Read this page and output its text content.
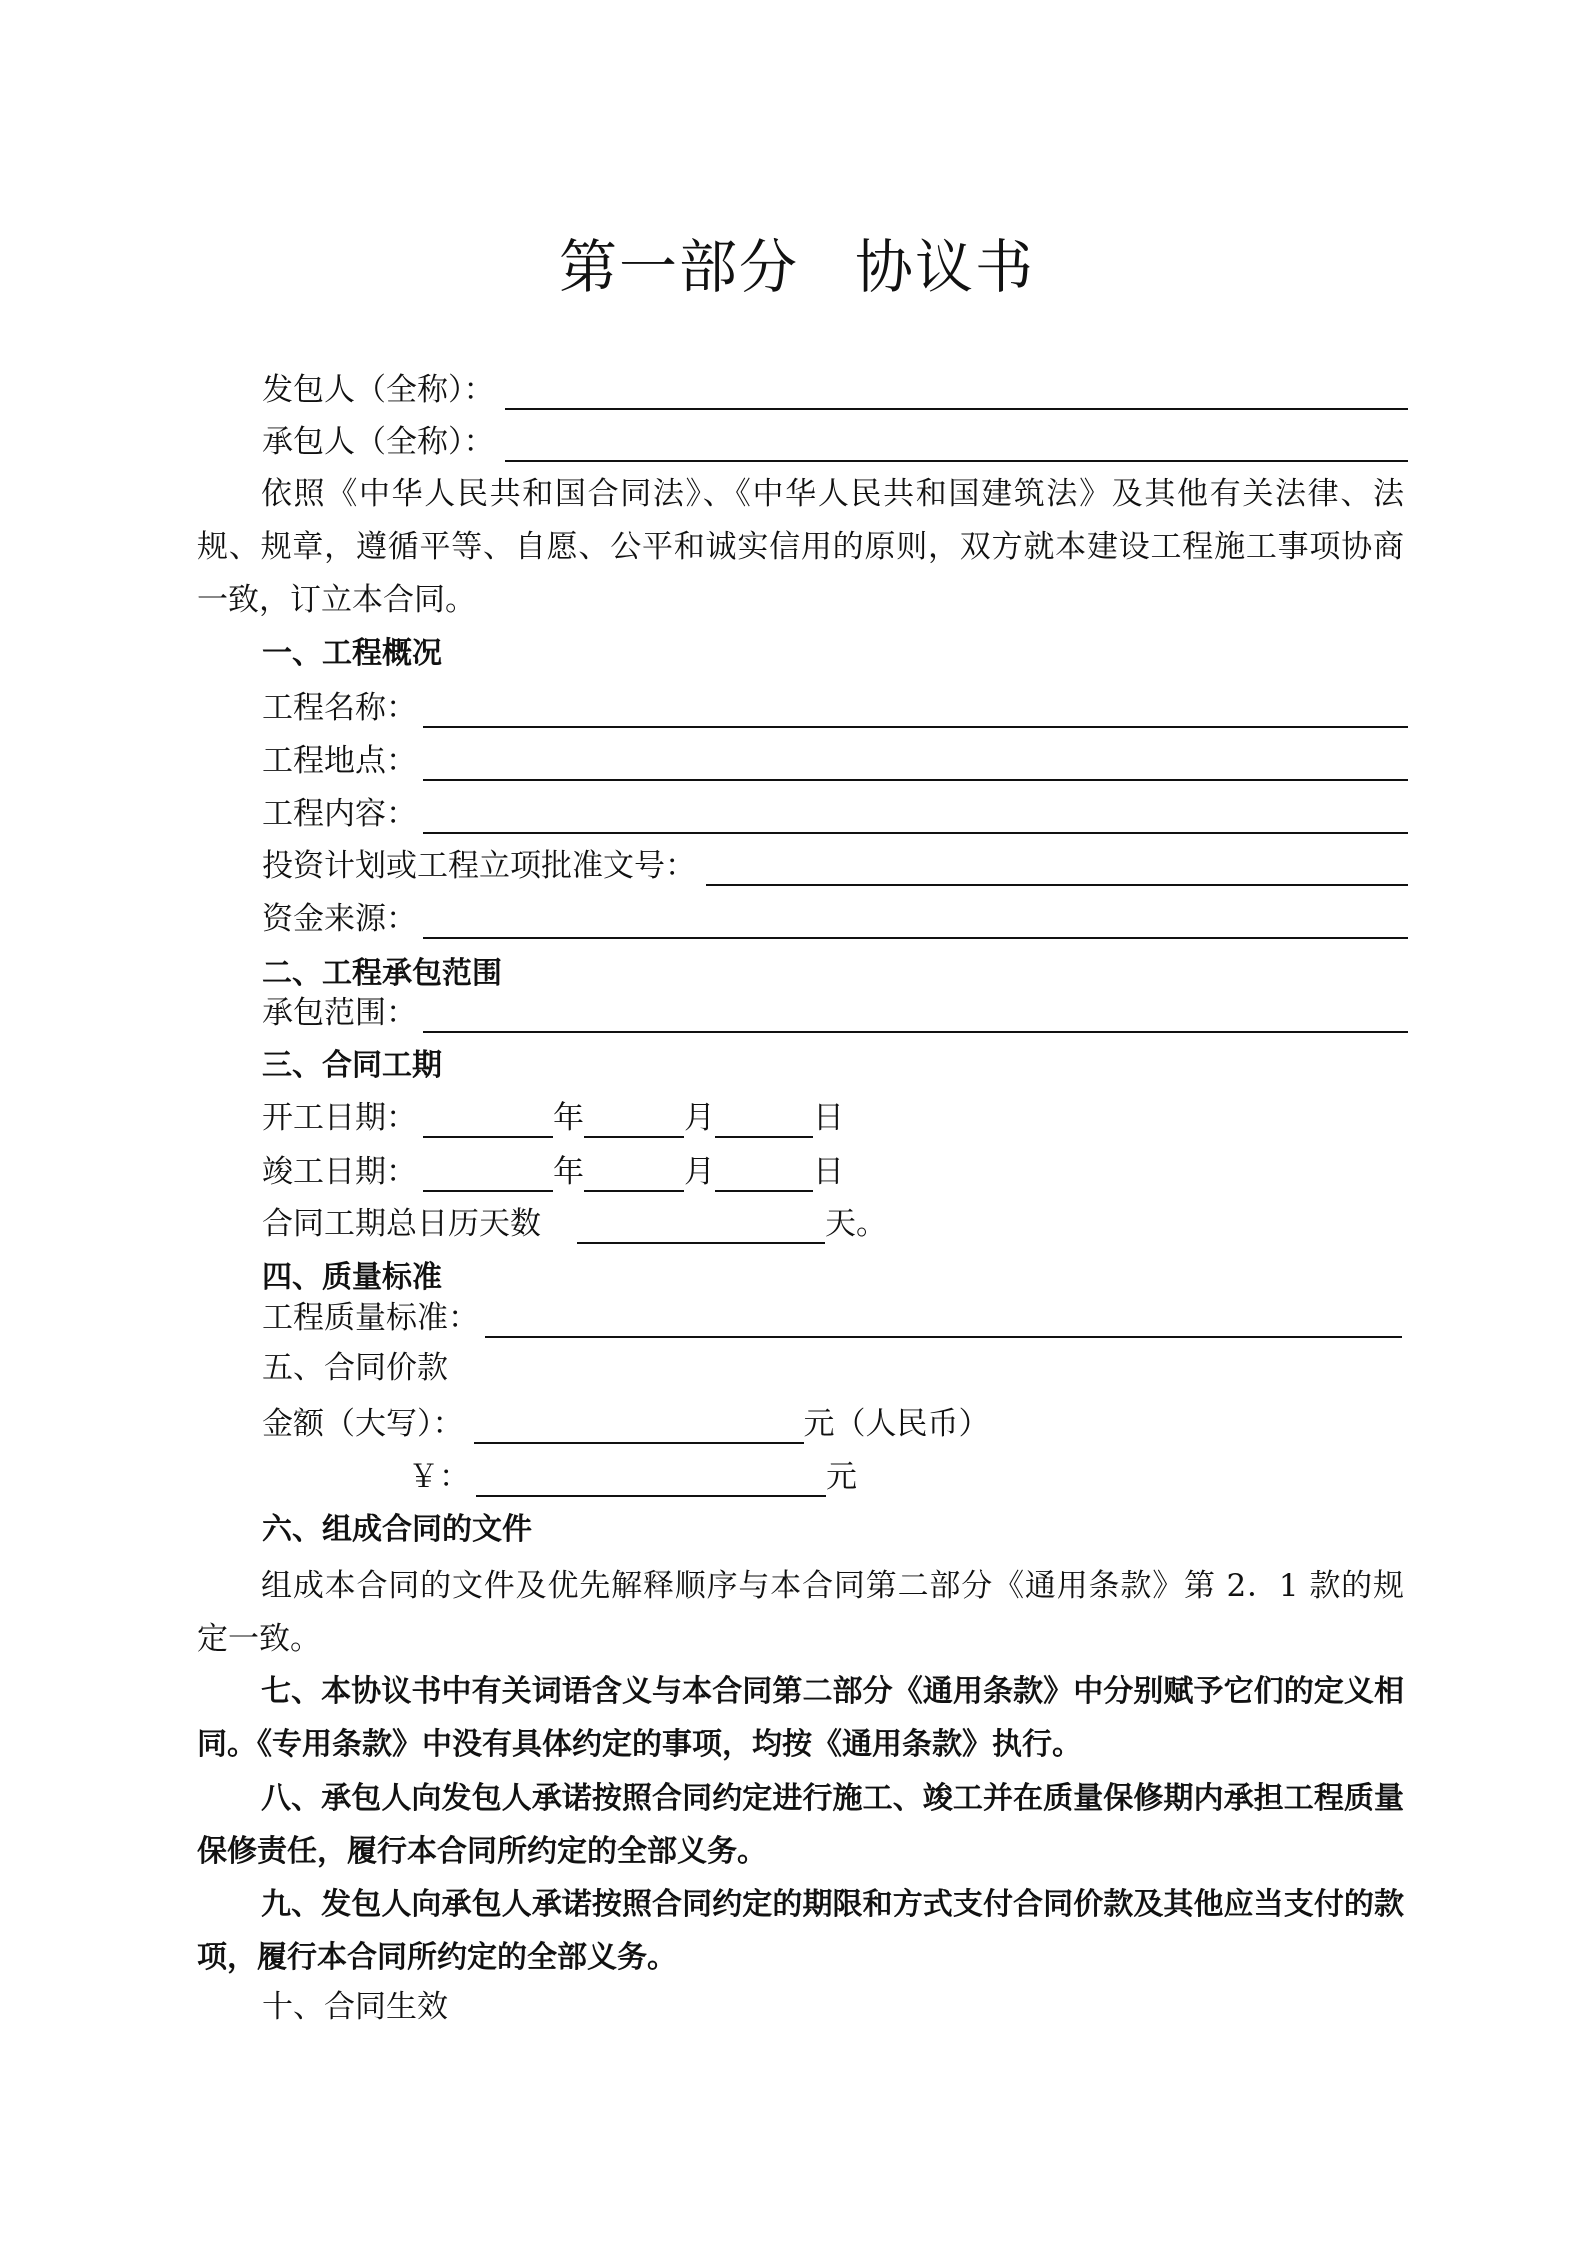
第一部分 协议书
发包人（全称）：
承包人（全称）：
依照《中华人民共和国合同法》、《中华人民共和国建筑法》及其他有关法律、法规、规章，遵循平等、自愿、公平和诚实信用的原则，双方就本建设工程施工事项协商一致，订立本合同。
一、工程概况
工程名称：
工程地点：
工程内容：
投资计划或工程立项批准文号：
资金来源：
二、工程承包范围
承包范围：
三、合同工期
开工日期：	年	月	日
竣工日期：	年	月	日
合同工期总日历天数	天。
四、质量标准
工程质量标准：
五、合同价款
金额（大写）：	元（人民币）
￥：	元
六、组成合同的文件
组成本合同的文件及优先解释顺序与本合同第二部分《通用条款》第 2．1 款的规定一致。
七、本协议书中有关词语含义与本合同第二部分《通用条款》中分别赋予它们的定义相同。《专用条款》中没有具体约定的事项，均按《通用条款》执行。
八、承包人向发包人承诺按照合同约定进行施工、竣工并在质量保修期内承担工程质量保修责任，履行本合同所约定的全部义务。
九、发包人向承包人承诺按照合同约定的期限和方式支付合同价款及其他应当支付的款项，履行本合同所约定的全部义务。
十、合同生效
